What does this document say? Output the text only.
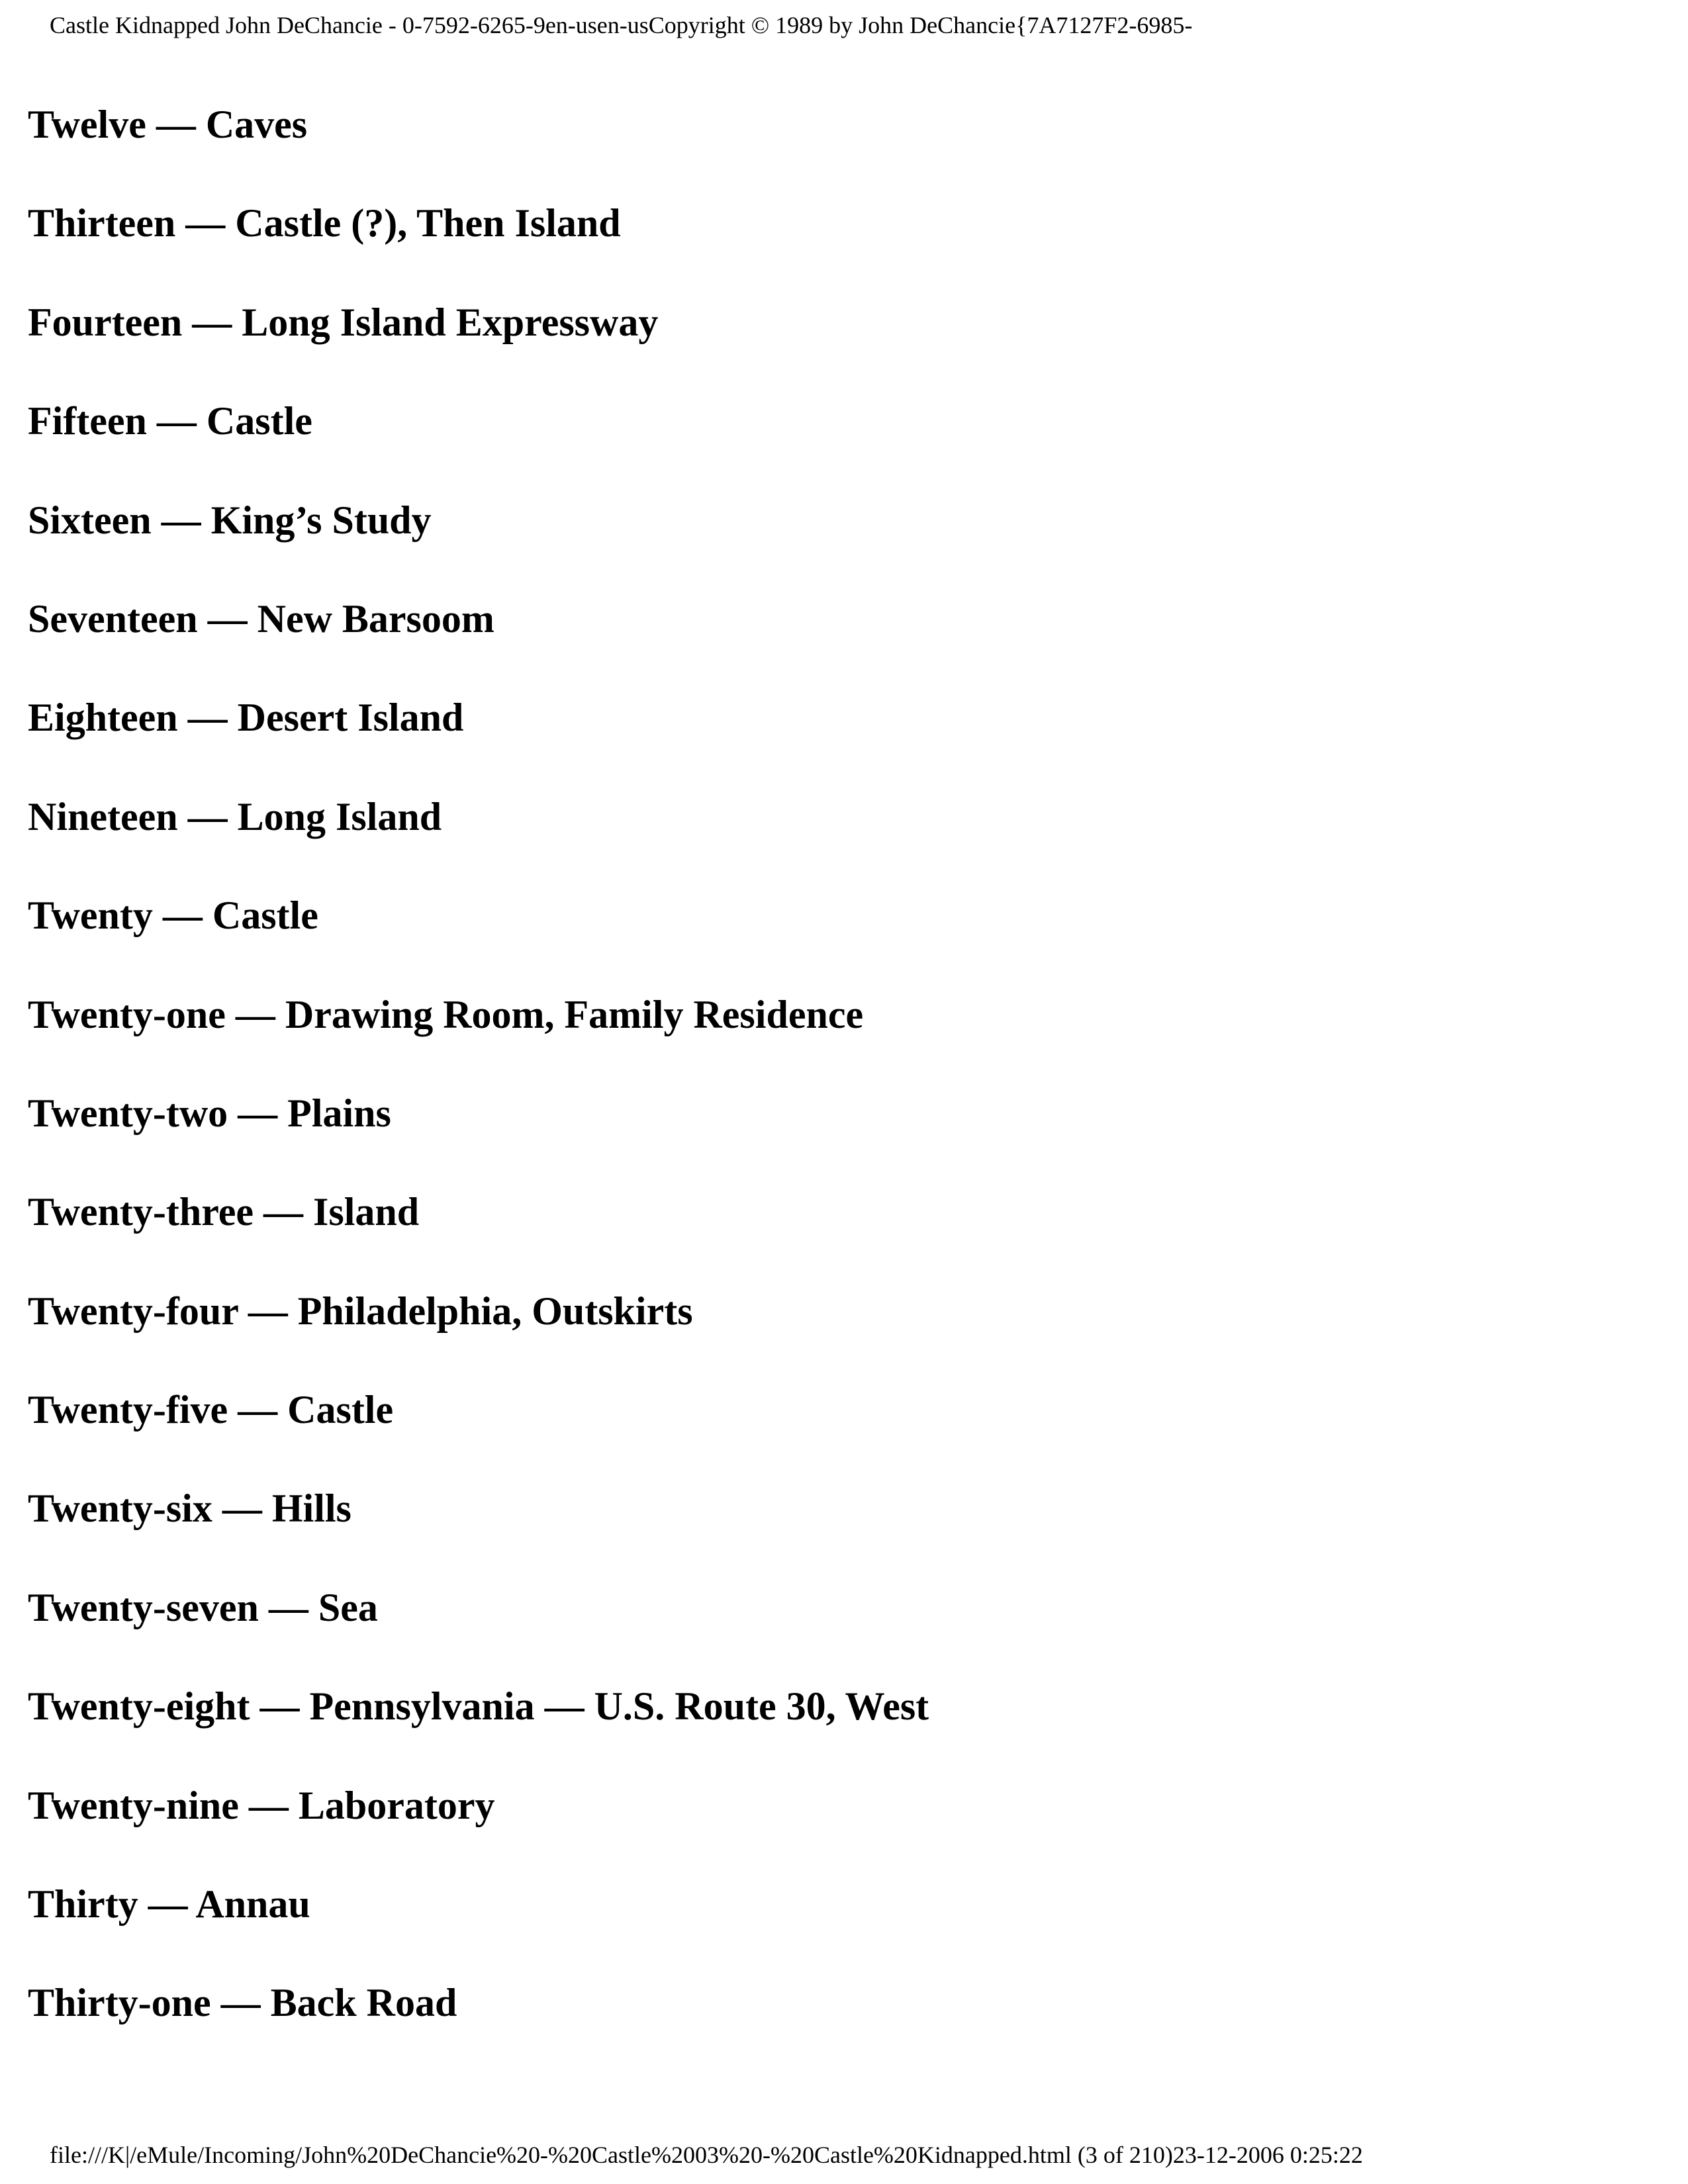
Castle Kidnapped John DeChancie - 0-7592-6265-9en-usen-usCopyright © 1989 by John DeChancie{7A7127F2-6985-
Twelve — Caves
Thirteen — Castle (?), Then Island
Fourteen — Long Island Expressway
Fifteen — Castle
Sixteen — King’s Study
Seventeen — New Barsoom
Eighteen — Desert Island
Nineteen — Long Island
Twenty — Castle
Twenty-one — Drawing Room, Family Residence
Twenty-two — Plains
Twenty-three — Island
Twenty-four — Philadelphia, Outskirts
Twenty-five — Castle
Twenty-six — Hills
Twenty-seven — Sea
Twenty-eight — Pennsylvania — U.S. Route 30, West
Twenty-nine — Laboratory
Thirty — Annau
Thirty-one — Back Road
file:///K|/eMule/Incoming/John%20DeChancie%20-%20Castle%2003%20-%20Castle%20Kidnapped.html (3 of 210)23-12-2006 0:25:22
